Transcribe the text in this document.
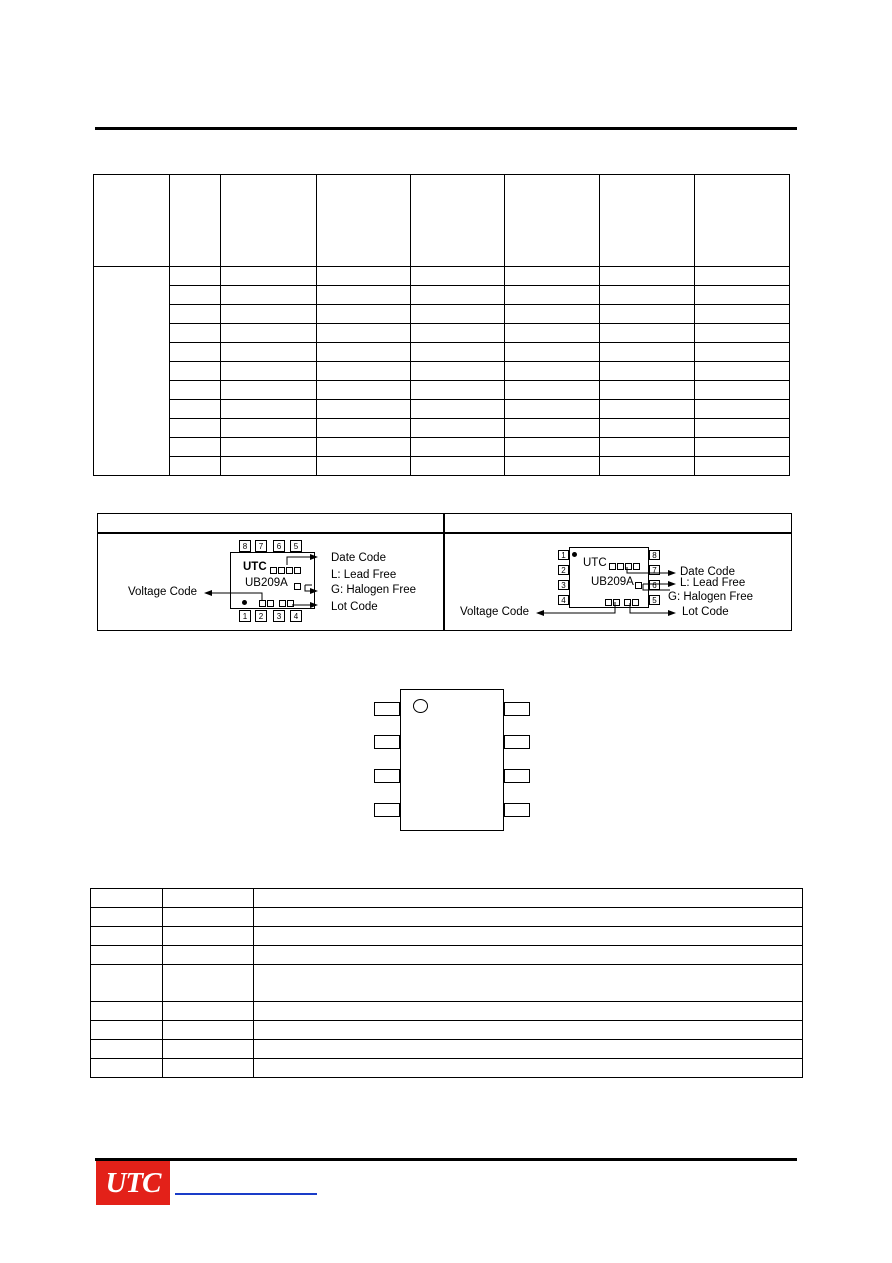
8	7	6	5
1	2	3	4
UTC
UB209A
Date Code
L: Lead Free
G: Halogen Free
Lot Code
Voltage Code
1
2
3
4
8
7
6
5
UTC
UB209A
Date Code
L: Lead Free
G: Halogen Free
Lot Code
Voltage Code

UTC
